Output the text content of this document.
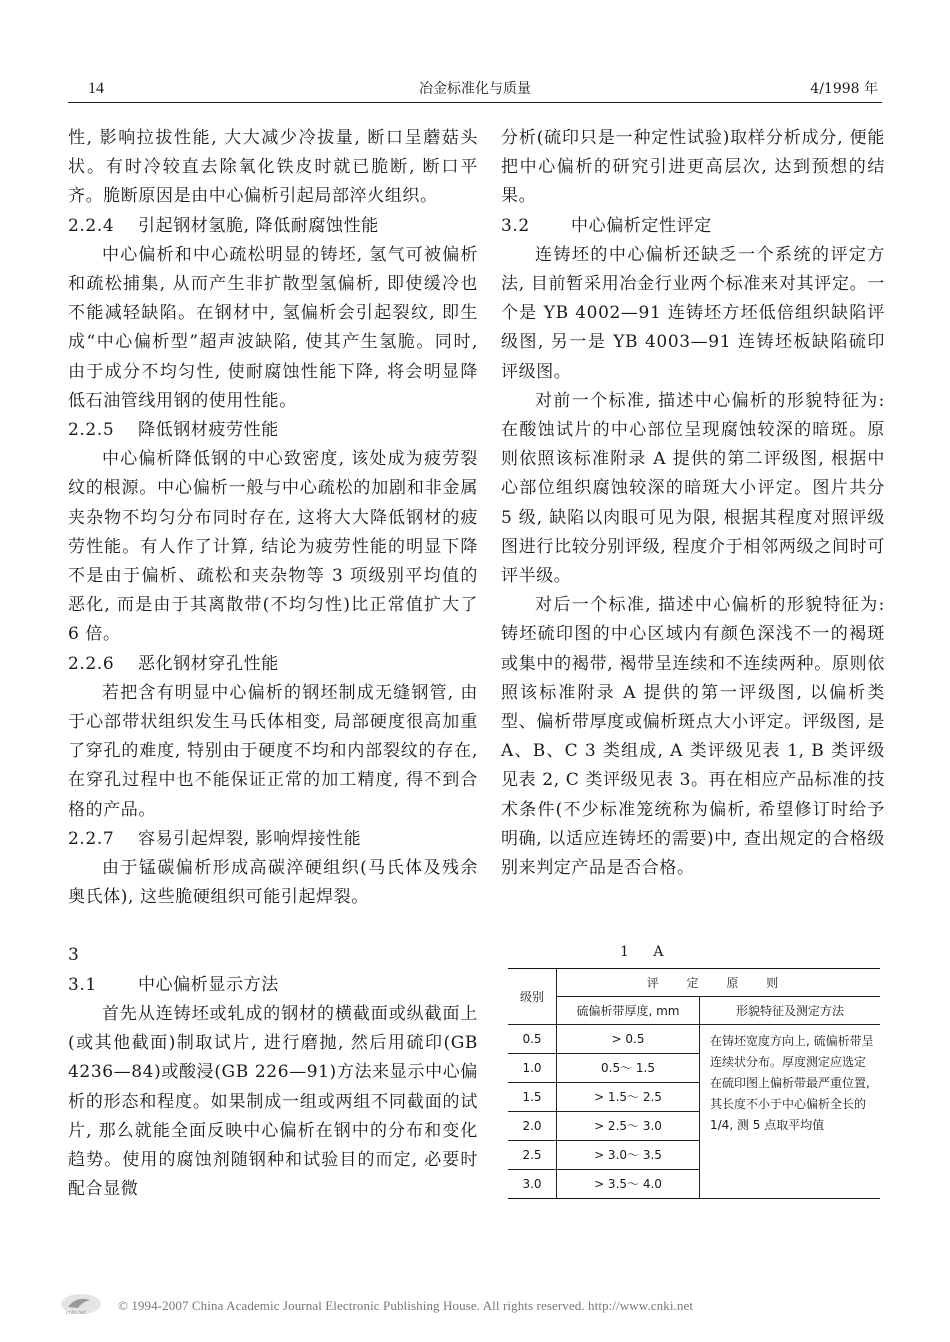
14	冶金标准化与质量	4/1998 年

性, 影响拉拔性能, 大大减少冷拔量, 断口呈蘑菇头状。有时冷较直去除氧化铁皮时就已脆断, 断口平齐。脆断原因是由中心偏析引起局部淬火组织。

2.2.4 引起钢材氢脆, 降低耐腐蚀性能

中心偏析和中心疏松明显的铸坯, 氢气可被偏析和疏松捕集, 从而产生非扩散型氢偏析, 即使缓冷也不能减轻缺陷。在钢材中, 氢偏析会引起裂纹, 即生成“中心偏析型”超声波缺陷, 使其产生氢脆。同时, 由于成分不均匀性, 使耐腐蚀性能下降, 将会明显降低石油管线用钢的使用性能。

2.2.5 降低钢材疲劳性能

中心偏析降低钢的中心致密度, 该处成为疲劳裂纹的根源。中心偏析一般与中心疏松的加剧和非金属夹杂物不均匀分布同时存在, 这将大大降低钢材的疲劳性能。有人作了计算, 结论为疲劳性能的明显下降不是由于偏析、疏松和夹杂物等 3 项级别平均值的恶化, 而是由于其离散带(不均匀性)比正常值扩大了 6 倍。

2.2.6 恶化钢材穿孔性能

若把含有明显中心偏析的钢坯制成无缝钢管, 由于心部带状组织发生马氏体相变, 局部硬度很高加重了穿孔的难度, 特别由于硬度不均和内部裂纹的存在, 在穿孔过程中也不能保证正常的加工精度, 得不到合格的产品。

2.2.7 容易引起焊裂, 影响焊接性能

由于锰碳偏析形成高碳淬硬组织(马氏体及残余奥氏体), 这些脆硬组织可能引起焊裂。

3
3.1 中心偏析显示方法

首先从连铸坯或轧成的钢材的横截面或纵截面上(或其他截面)制取试片, 进行磨抛, 然后用硫印(GB 4236—84)或酸浸(GB 226—91)方法来显示中心偏析的形态和程度。如果制成一组或两组不同截面的试片, 那么就能全面反映中心偏析在钢中的分布和变化趋势。使用的腐蚀剂随钢种和试验目的而定, 必要时配合显微

分析(硫印只是一种定性试验)取样分析成分, 便能把中心偏析的研究引进更高层次, 达到预想的结果。

3.2 中心偏析定性评定

连铸坯的中心偏析还缺乏一个系统的评定方法, 目前暂采用冶金行业两个标准来对其评定。一个是 YB 4002—91 连铸坯方坯低倍组织缺陷评级图, 另一是 YB 4003—91 连铸坯板缺陷硫印评级图。

对前一个标准, 描述中心偏析的形貌特征为: 在酸蚀试片的中心部位呈现腐蚀较深的暗斑。原则依照该标准附录 A 提供的第二评级图, 根据中心部位组织腐蚀较深的暗斑大小评定。图片共分 5 级, 缺陷以肉眼可见为限, 根据其程度对照评级图进行比较分别评级, 程度介于相邻两级之间时可评半级。

对后一个标准, 描述中心偏析的形貌特征为: 铸坯硫印图的中心区域内有颜色深浅不一的褐斑或集中的褐带, 褐带呈连续和不连续两种。原则依照该标准附录 A 提供的第一评级图, 以偏析类型、偏析带厚度或偏析斑点大小评定。评级图, 是 A、B、C 3 类组成, A 类评级见表 1, B 类评级见表 2, C 类评级见表 3。再在相应产品标准的技术条件(不少标准笼统称为偏析, 希望修订时给予明确, 以适应连铸坯的需要)中, 查出规定的合格级别来判定产品是否合格。

1 A
级别	评 定 原 则	
	硫偏析带厚度, mm	形貌特征及测定方法
0.5	> 0.5	在铸坯宽度方向上, 硫偏析带呈连续状分布。厚度测定应选定在硫印图上偏析带最严重位置, 其长度不小于中心偏析全长的 1/4, 测 5 点取平均值
1.0	0.5～ 1.5	
1.5	> 1.5～ 2.5	
2.0	> 2.5～ 3.0	
2.5	> 3.0～ 3.5	
3.0	> 3.5～ 4.0	
cnki.net © 1994-2007 China Academic Journal Electronic Publishing House. All rights reserved. http://www.cnki.net
